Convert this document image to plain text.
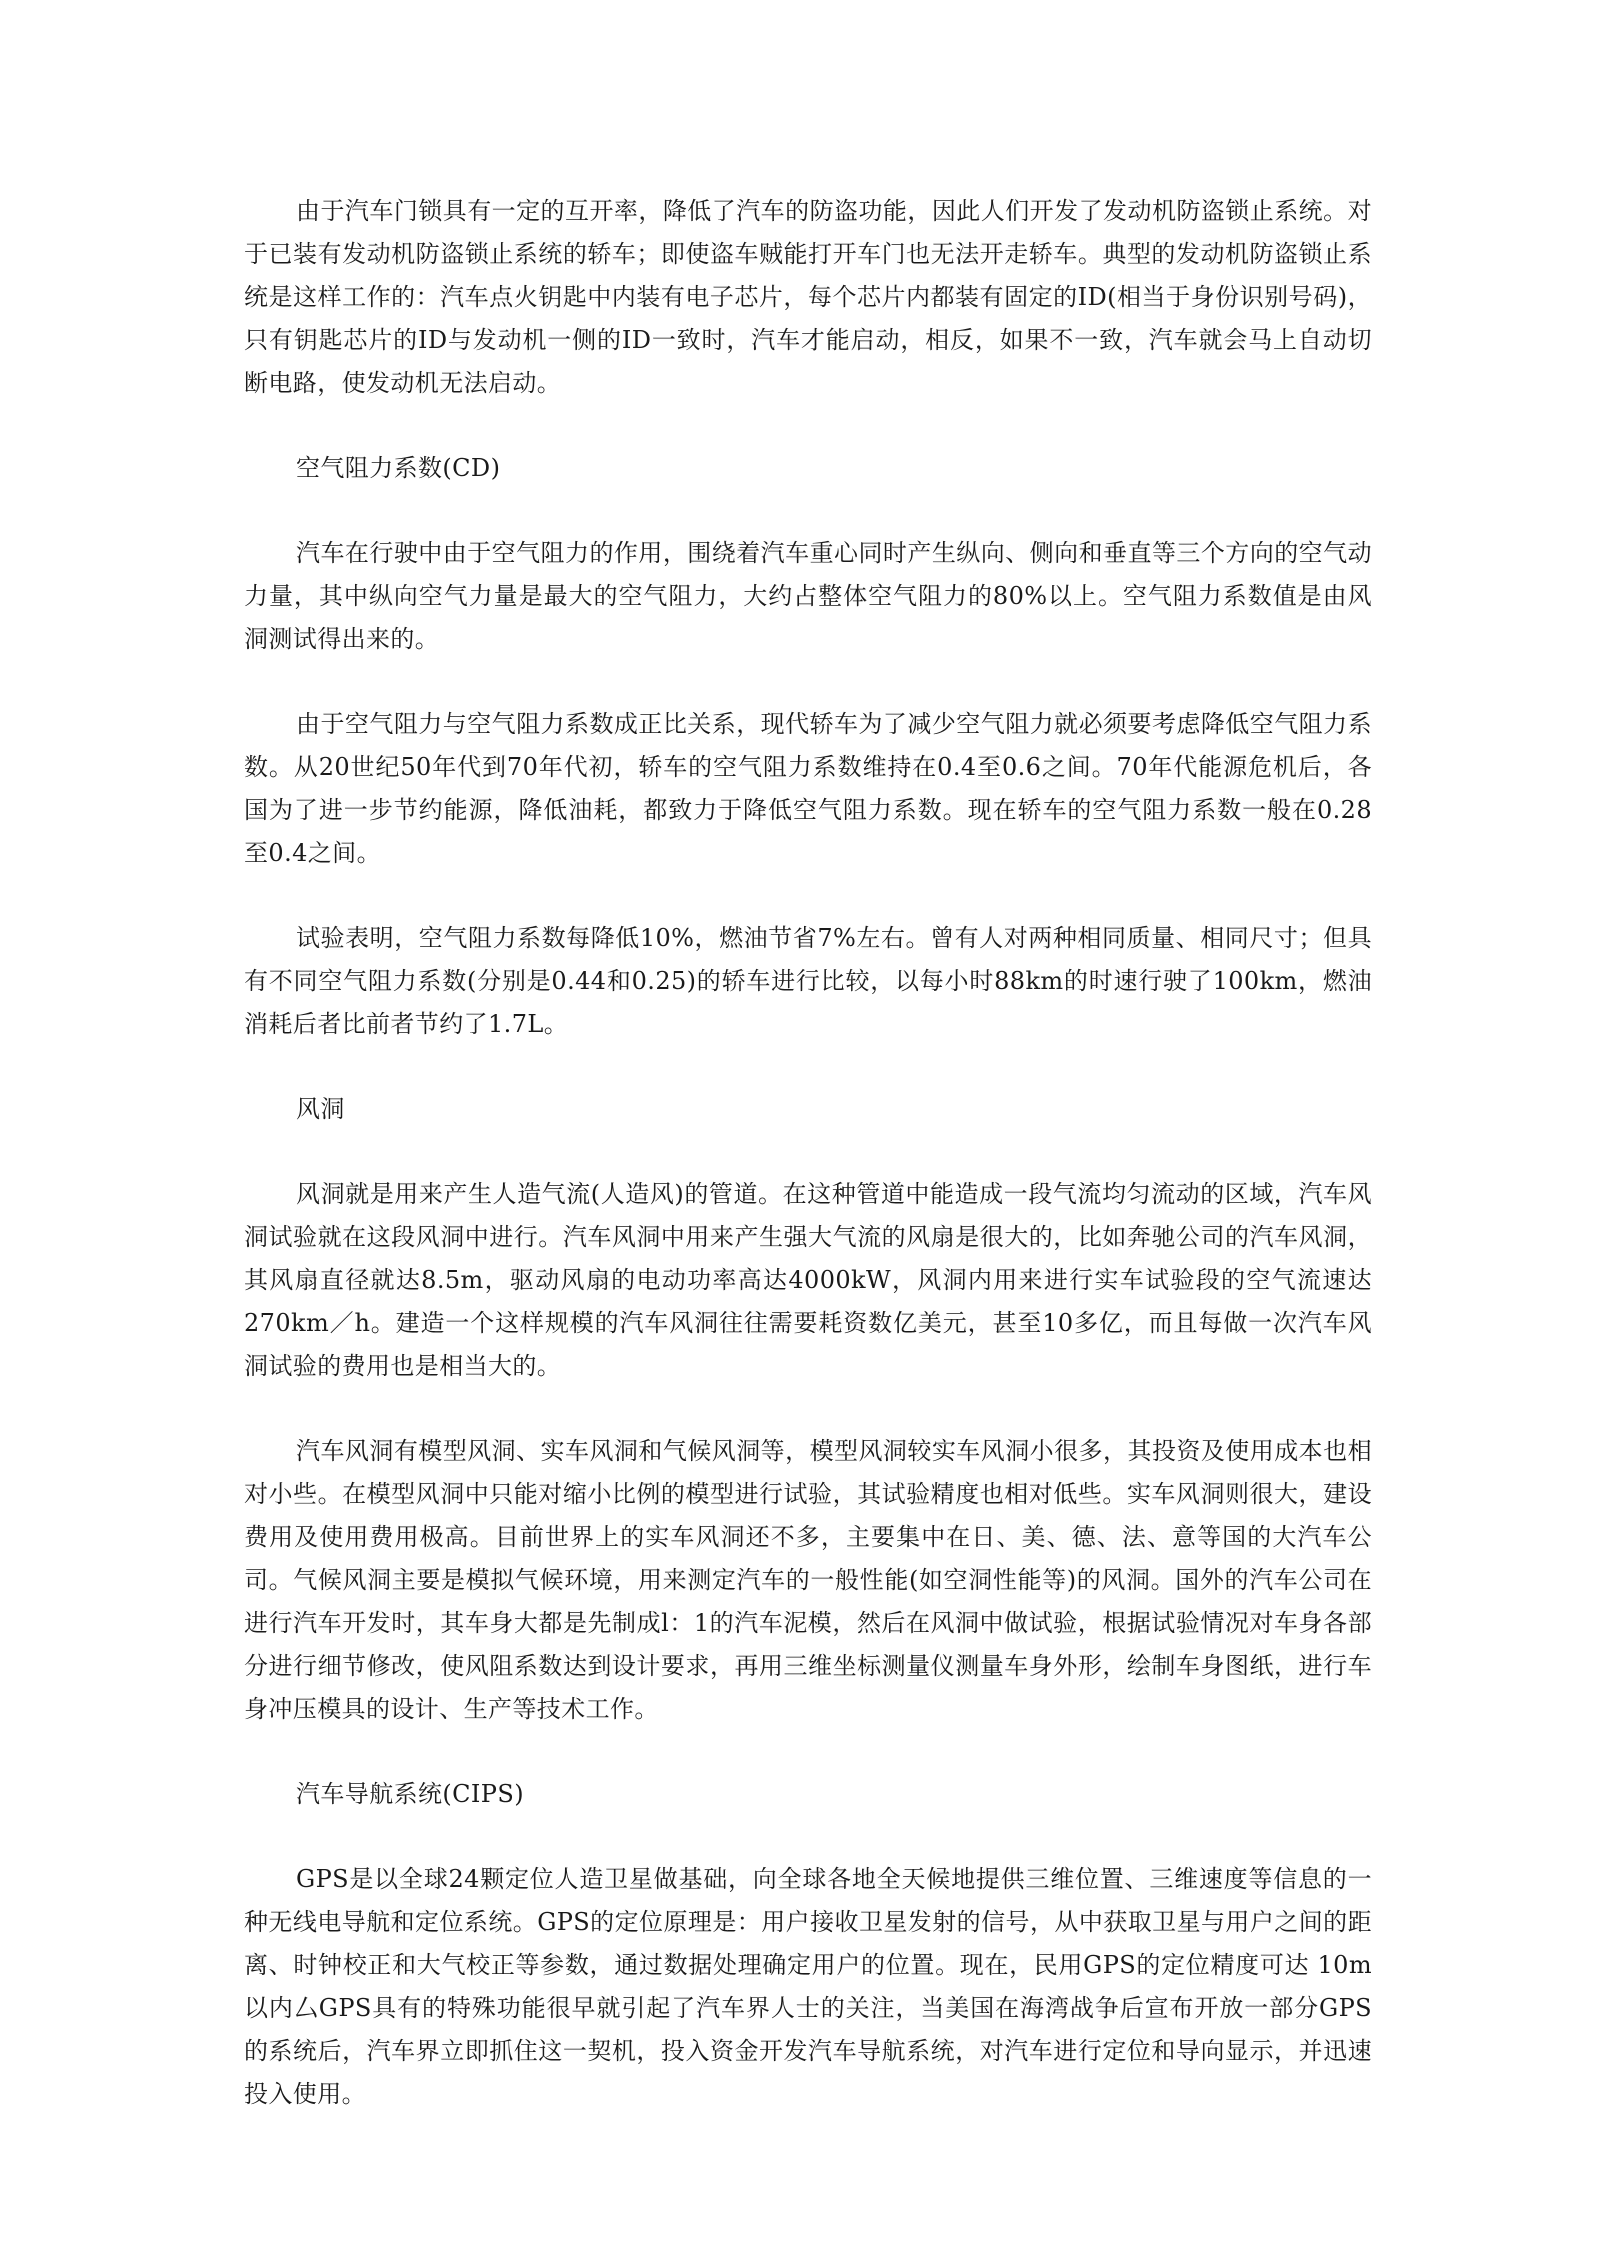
由于汽车门锁具有一定的互开率，降低了汽车的防盗功能，因此人们开发了发动机防盗锁止系统。对于已装有发动机防盗锁止系统的轿车；即使盗车贼能打开车门也无法开走轿车。典型的发动机防盗锁止系统是这样工作的：汽车点火钥匙中内装有电子芯片，每个芯片内都装有固定的ID(相当于身份识别号码)，只有钥匙芯片的ID与发动机一侧的ID一致时，汽车才能启动，相反，如果不一致，汽车就会马上自动切断电路，使发动机无法启动。

空气阻力系数(CD)

汽车在行驶中由于空气阻力的作用，围绕着汽车重心同时产生纵向、侧向和垂直等三个方向的空气动力量，其中纵向空气力量是最大的空气阻力，大约占整体空气阻力的80%以上。空气阻力系数值是由风洞测试得出来的。

由于空气阻力与空气阻力系数成正比关系，现代轿车为了减少空气阻力就必须要考虑降低空气阻力系数。从20世纪50年代到70年代初，轿车的空气阻力系数维持在0.4至0.6之间。70年代能源危机后，各国为了进一步节约能源，降低油耗，都致力于降低空气阻力系数。现在轿车的空气阻力系数一般在0.28至0.4之间。

试验表明，空气阻力系数每降低10%，燃油节省7%左右。曾有人对两种相同质量、相同尺寸；但具有不同空气阻力系数(分别是0.44和0.25)的轿车进行比较，以每小时88km的时速行驶了100km，燃油消耗后者比前者节约了1.7L。

风洞

风洞就是用来产生人造气流(人造风)的管道。在这种管道中能造成一段气流均匀流动的区域，汽车风洞试验就在这段风洞中进行。汽车风洞中用来产生强大气流的风扇是很大的，比如奔驰公司的汽车风洞，其风扇直径就达8.5m，驱动风扇的电动功率高达4000kW，风洞内用来进行实车试验段的空气流速达270km／h。建造一个这样规模的汽车风洞往往需要耗资数亿美元，甚至10多亿，而且每做一次汽车风洞试验的费用也是相当大的。

汽车风洞有模型风洞、实车风洞和气候风洞等，模型风洞较实车风洞小很多，其投资及使用成本也相对小些。在模型风洞中只能对缩小比例的模型进行试验，其试验精度也相对低些。实车风洞则很大，建设费用及使用费用极高。目前世界上的实车风洞还不多，主要集中在日、美、德、法、意等国的大汽车公司。气候风洞主要是模拟气候环境，用来测定汽车的一般性能(如空洞性能等)的风洞。国外的汽车公司在进行汽车开发时，其车身大都是先制成l：1的汽车泥模，然后在风洞中做试验，根据试验情况对车身各部分进行细节修改，使风阻系数达到设计要求，再用三维坐标测量仪测量车身外形，绘制车身图纸，进行车身冲压模具的设计、生产等技术工作。

汽车导航系统(CIPS)

GPS是以全球24颗定位人造卫星做基础，向全球各地全天候地提供三维位置、三维速度等信息的一种无线电导航和定位系统。GPS的定位原理是：用户接收卫星发射的信号，从中获取卫星与用户之间的距离、时钟校正和大气校正等参数，通过数据处理确定用户的位置。现在，民用GPS的定位精度可达 10m以内厶GPS具有的特殊功能很早就引起了汽车界人士的关注，当美国在海湾战争后宣布开放一部分GPS的系统后，汽车界立即抓住这一契机，投入资金开发汽车导航系统，对汽车进行定位和导向显示，并迅速投入使用。
